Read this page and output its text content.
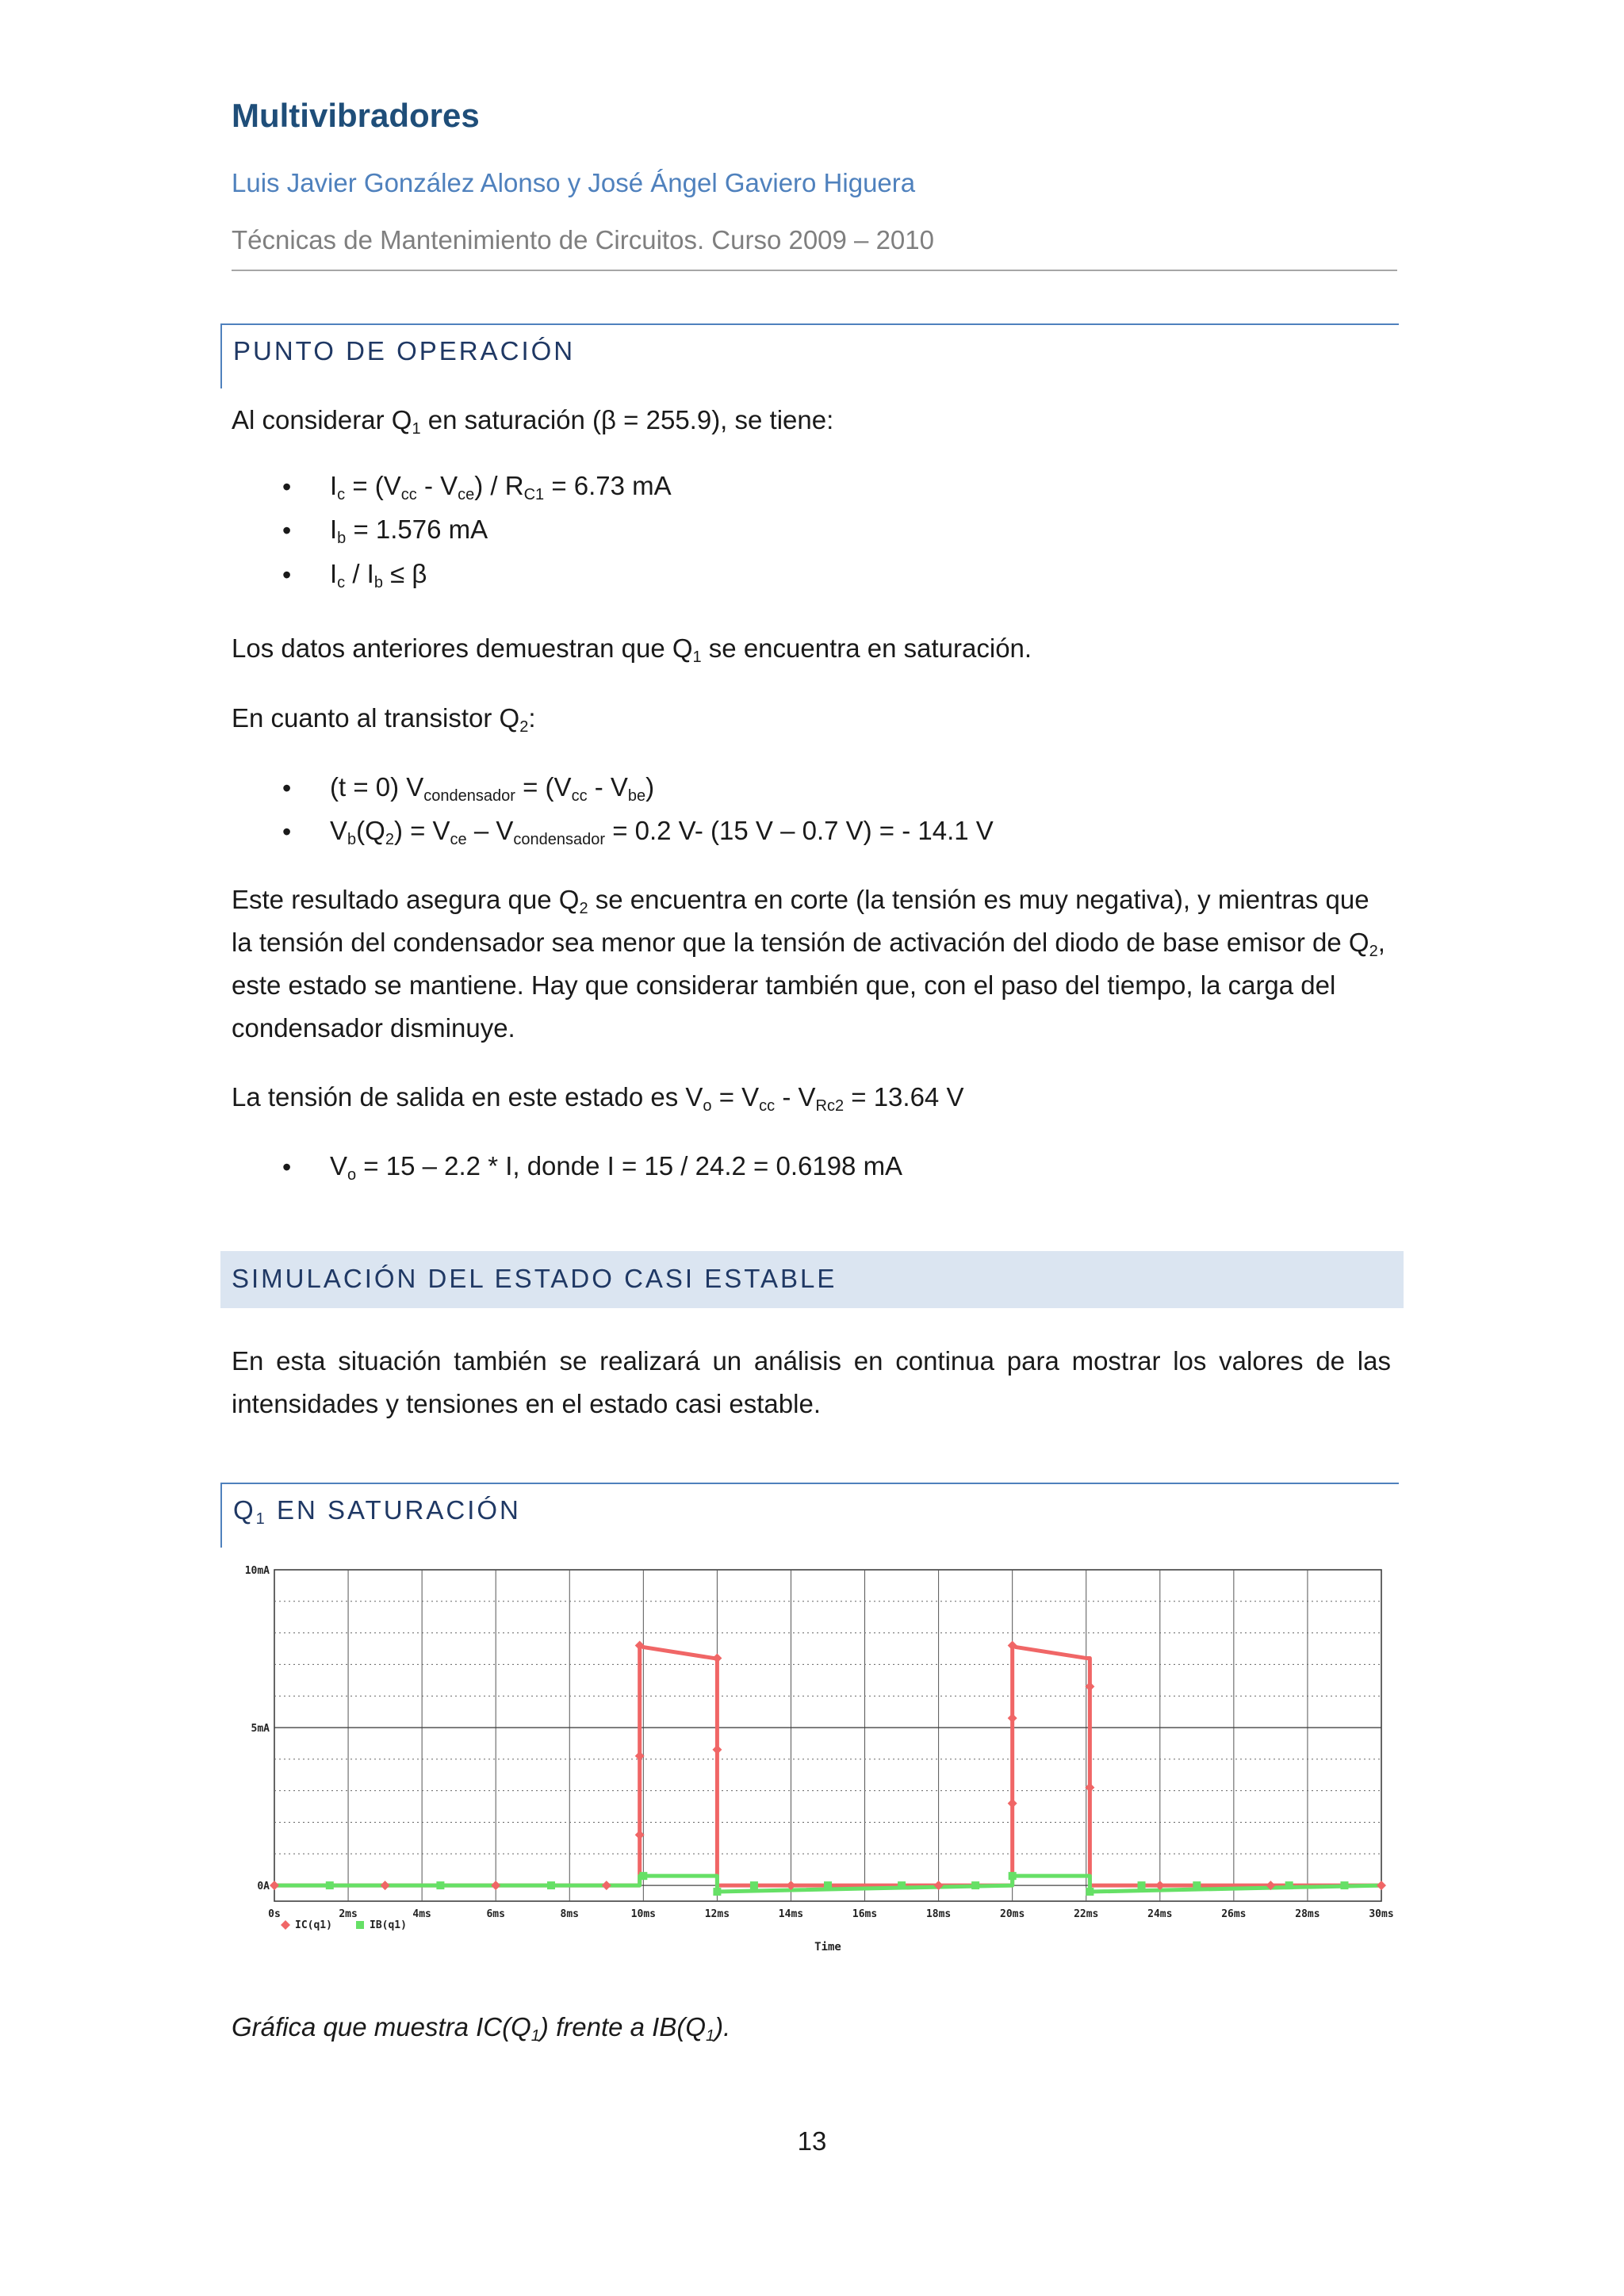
Multivibradores
Luis Javier González Alonso y José Ángel Gaviero Higuera
Técnicas de Mantenimiento de Circuitos. Curso 2009 – 2010
PUNTO DE OPERACIÓN
Al considerar $Q_1$ en saturación (β = 255.9), se tiene:
• $I_c = (V_{cc} - V_{ce}) / R_{C1} = 6.73$ mA
• $I_b = 1.576$ mA
• $I_c / I_b \le \beta$
Los datos anteriores demuestran que $Q_1$ se encuentra en saturación.
En cuanto al transistor $Q_2$:
• (t = 0) $V_{condensador} = (V_{cc} - V_{be})$
• $V_b(Q_2) = V_{ce} - V_{condensador} = 0.2$ V- (15 V – 0.7 V) = - 14.1 V
Este resultado asegura que $Q_2$ se encuentra en corte (la tensión es muy negativa), y mientras que la tensión del condensador sea menor que la tensión de activación del diodo de base emisor de $Q_2$, este estado se mantiene. Hay que considerar también que, con el paso del tiempo, la carga del condensador disminuye.
La tensión de salida en este estado es $V_o = V_{cc} - V_{Rc2} = 13.64$ V
• $V_o = 15 - 2.2 * I$, donde I = 15 / 24.2 = 0.6198 mA
SIMULACIÓN DEL ESTADO CASI ESTABLE
En esta situación también se realizará un análisis en continua para mostrar los valores de las intensidades y tensiones en el estado casi estable.
$Q_1$ EN SATURACIÓN
0A
5mA
10mA
0s	2ms	4ms	6ms	8ms	10ms	12ms	14ms	16ms	18ms	20ms	22ms	24ms	26ms	28ms	30ms
Time
IC(q1)	IB(q1)
Gráfica que muestra $IC(Q_1)$ frente a $IB(Q_1)$.
13
